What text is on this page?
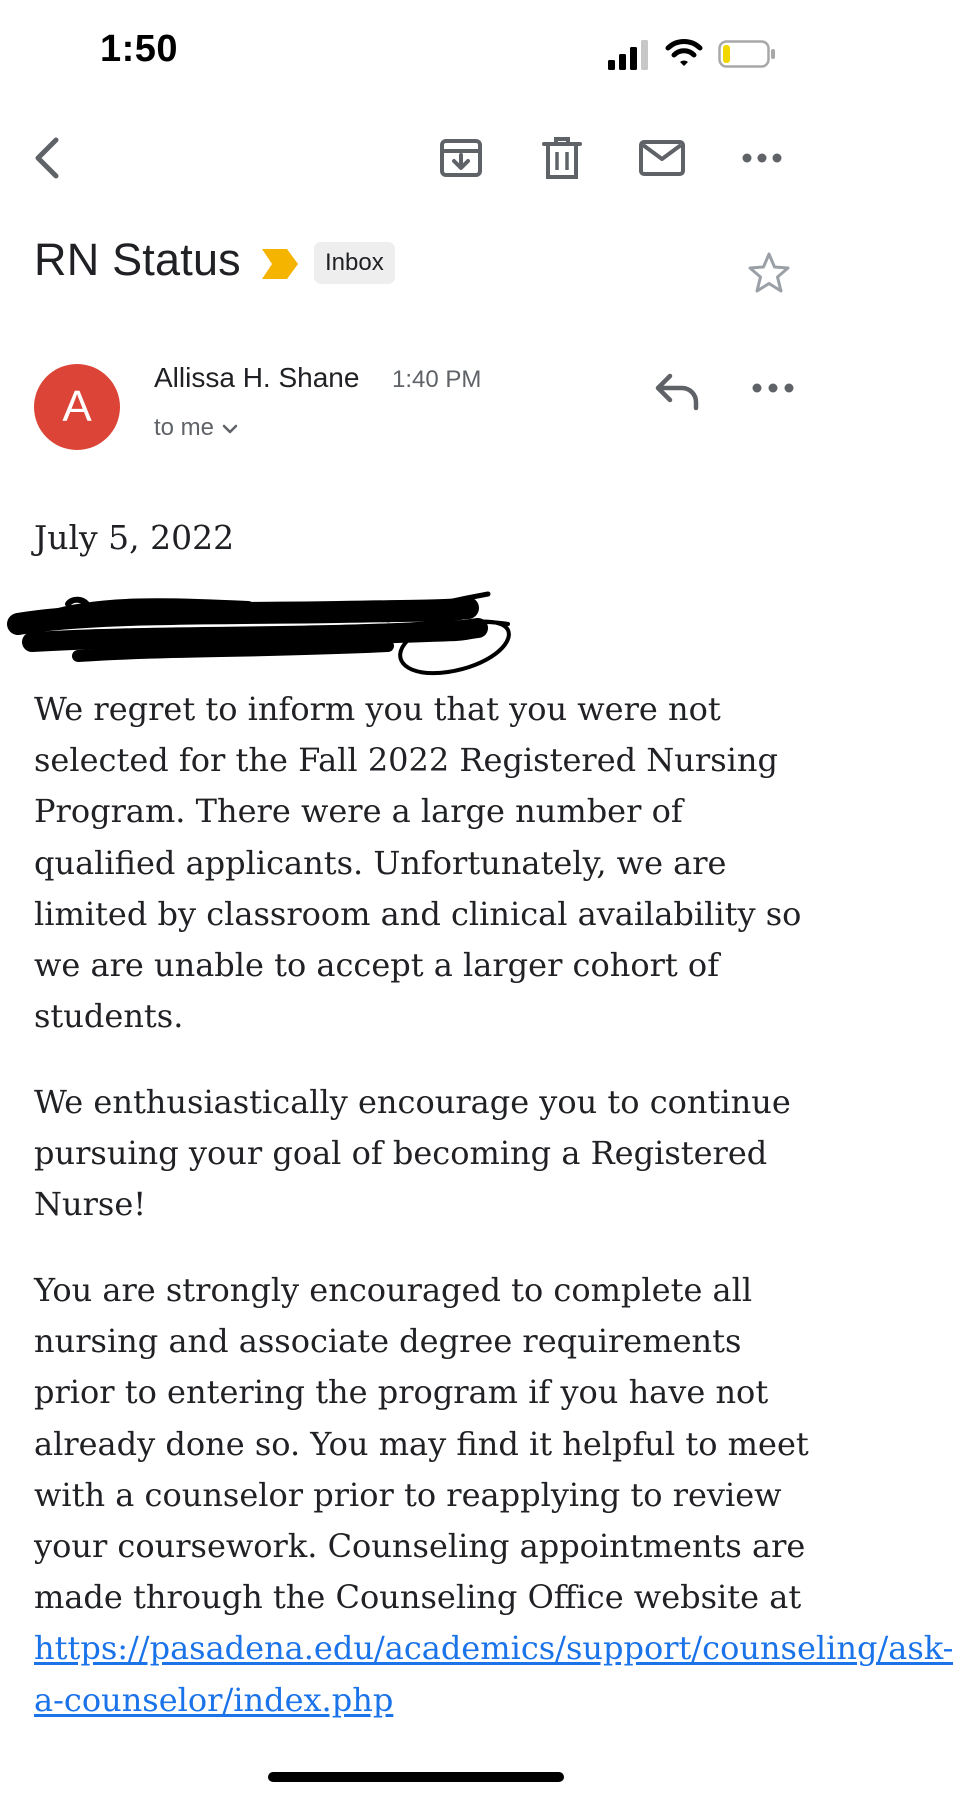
1:50
RN Status	Inbox
A
Allissa H. Shane 1:40 PM
to me
July 5, 2022

We regret to inform you that you were not selected for the Fall 2022 Registered Nursing Program. There were a large number of qualified applicants. Unfortunately, we are limited by classroom and clinical availability so we are unable to accept a larger cohort of students.

We enthusiastically encourage you to continue pursuing your goal of becoming a Registered Nurse!

You are strongly encouraged to complete all nursing and associate degree requirements prior to entering the program if you have not already done so. You may find it helpful to meet with a counselor prior to reapplying to review your coursework. Counseling appointments are made through the Counseling Office website at https://pasadena.edu/academics/support/counseling/ask-a-counselor/index.php
